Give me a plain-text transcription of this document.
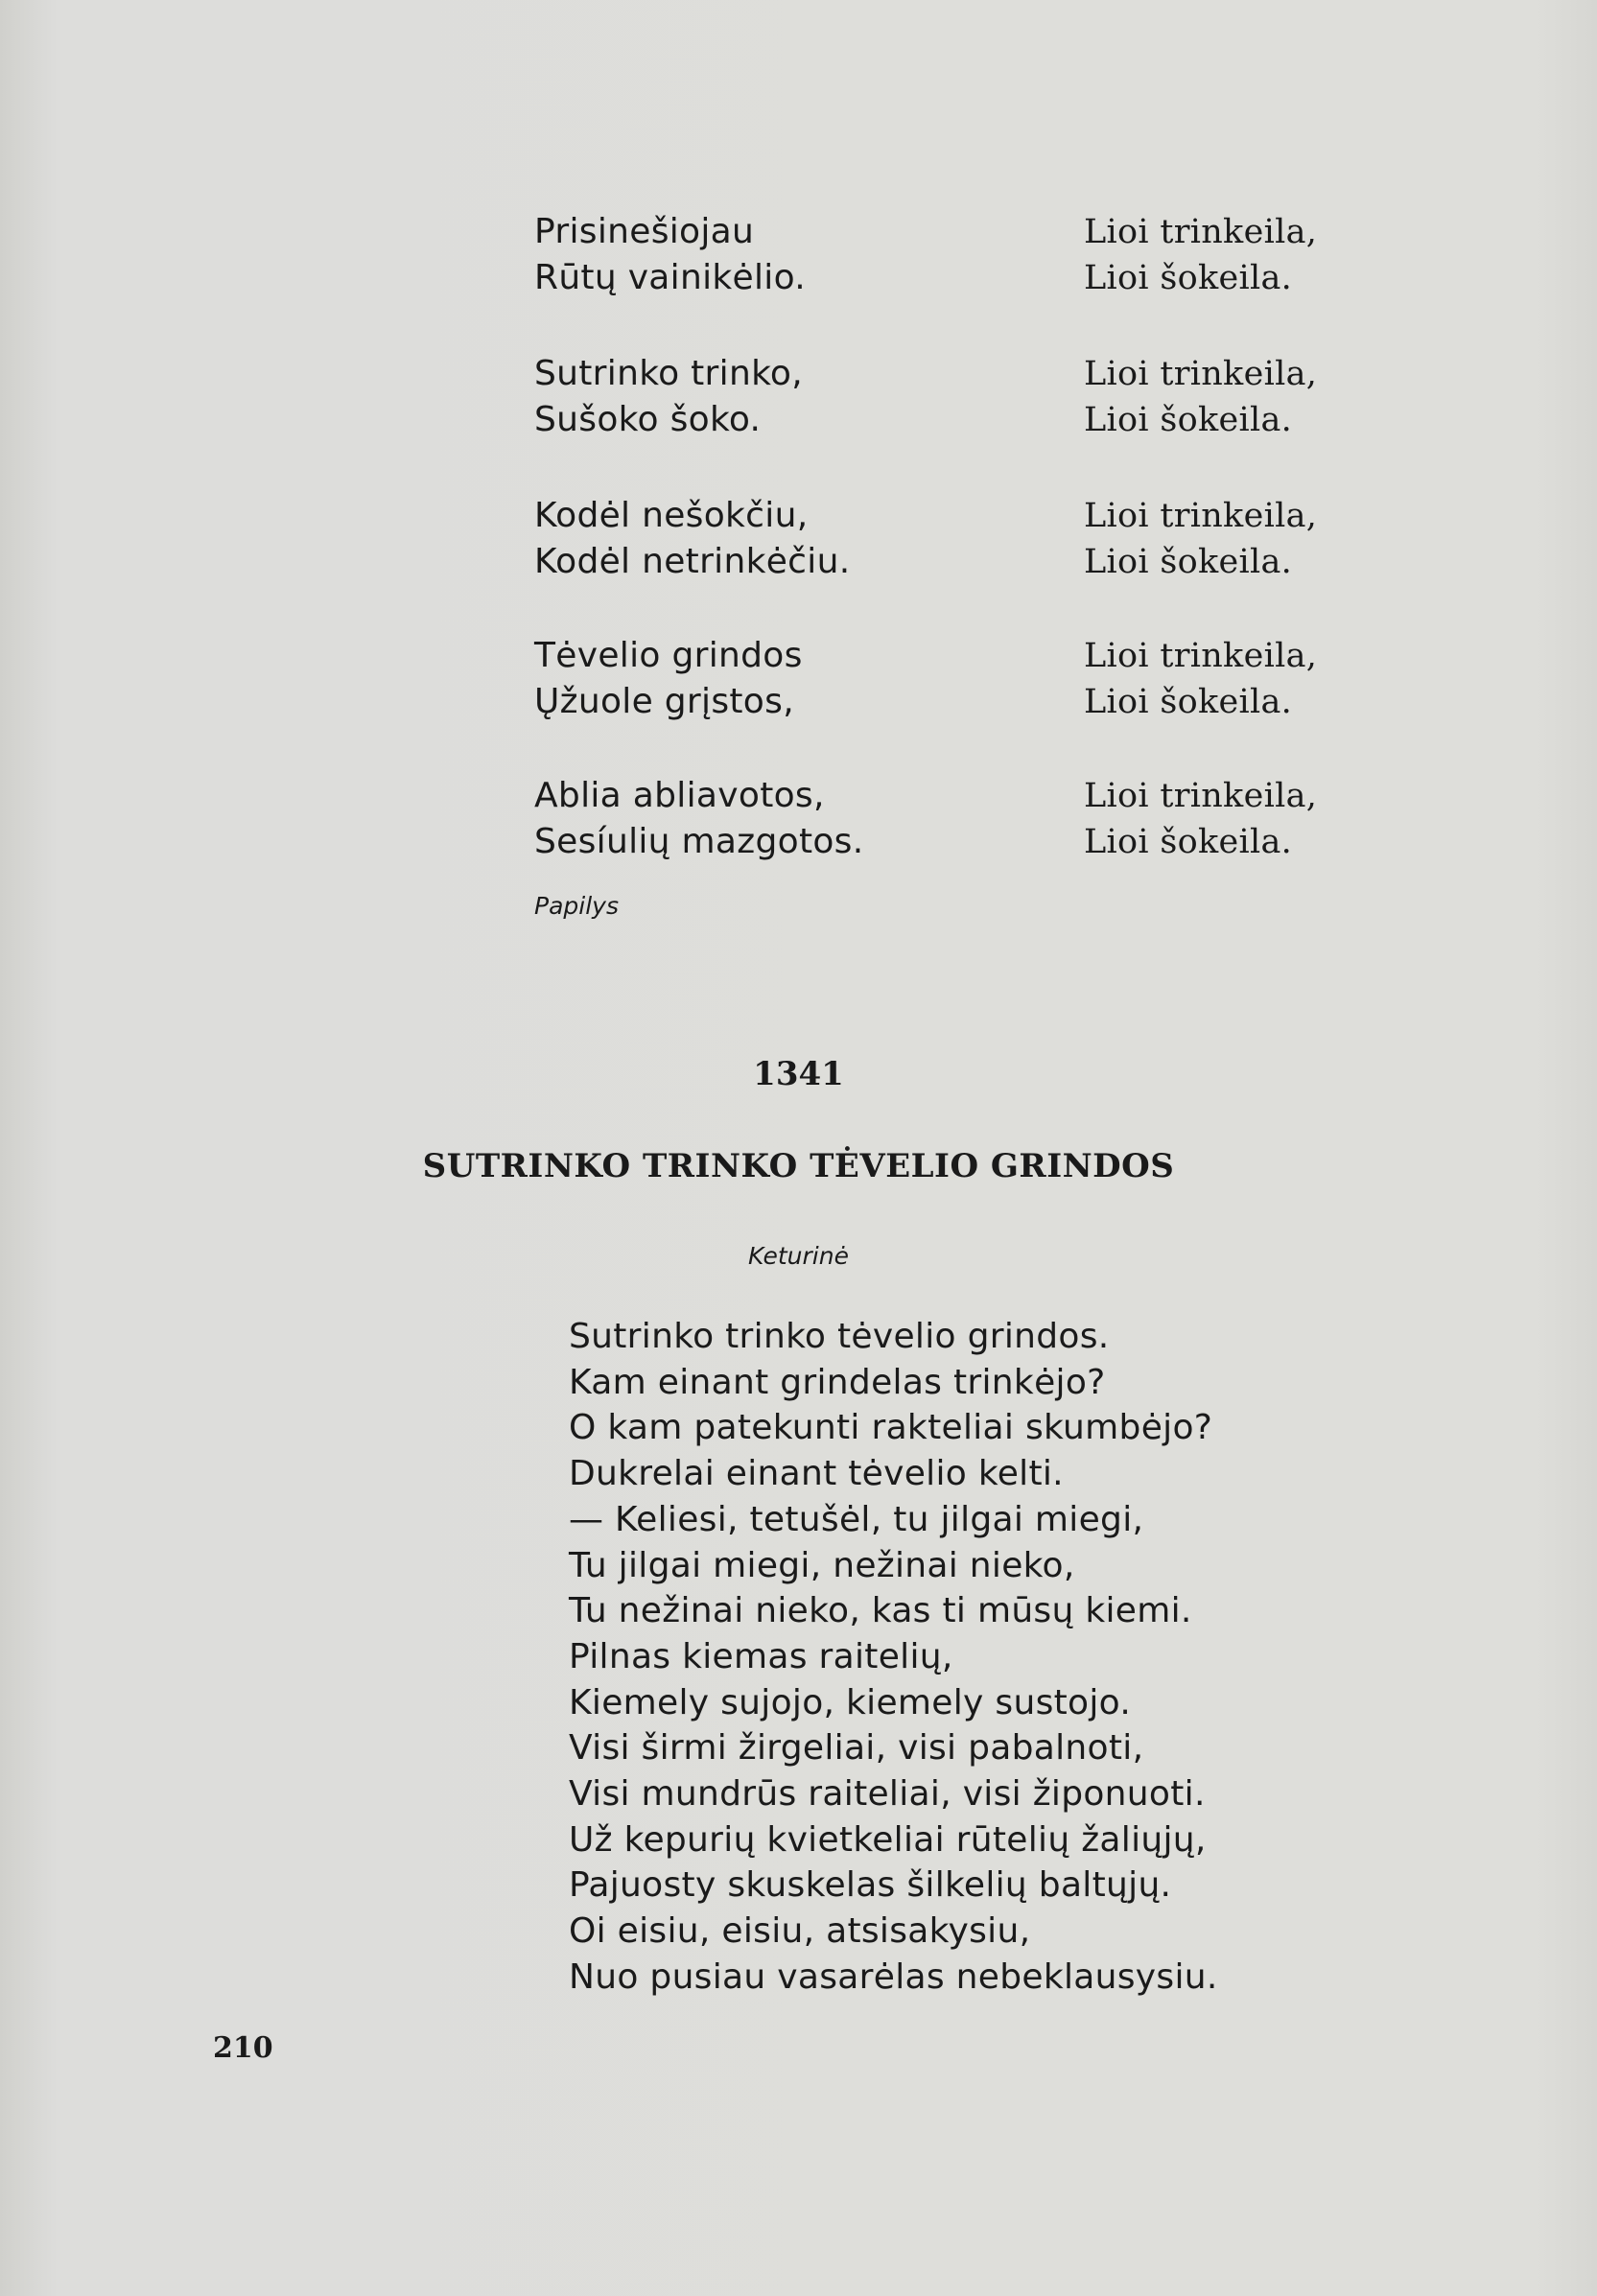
Prisinešiojau
Rūtų vainikėlio.
Lioi trinkeila,
Lioi šokeila.
Sutrinko trinko,
Sušoko šoko.
Lioi trinkeila,
Lioi šokeila.
Kodėl nešokčiu,
Kodėl netrinkėčiu.
Lioi trinkeila,
Lioi šokeila.
Tėvelio grindos
Ųžuole grįstos,
Lioi trinkeila,
Lioi šokeila.
Ablia abliavotos,
Sesíulių mazgotos.
Lioi trinkeila,
Lioi šokeila.
Papilys
1341
SUTRINKO TRINKO TĖVELIO GRINDOS
Keturinė
Sutrinko trinko tėvelio grindos.
Kam einant grindelas trinkėjo?
O kam patekunti rakteliai skumbėjo?
Dukrelai einant tėvelio kelti.
— Keliesi, tetušėl, tu jilgai miegi,
Tu jilgai miegi, nežinai nieko,
Tu nežinai nieko, kas ti mūsų kiemi.
Pilnas kiemas raitelių,
Kiemely sujojo, kiemely sustojo.
Visi širmi žirgeliai, visi pabalnoti,
Visi mundrūs raiteliai, visi žiponuoti.
Už kepurių kvietkeliai rūtelių žaliųjų,
Pajuosty skuskelas šilkelių baltųjų.
Oi eisiu, eisiu, atsisakysiu,
Nuo pusiau vasarėlas nebeklausysiu.
210
